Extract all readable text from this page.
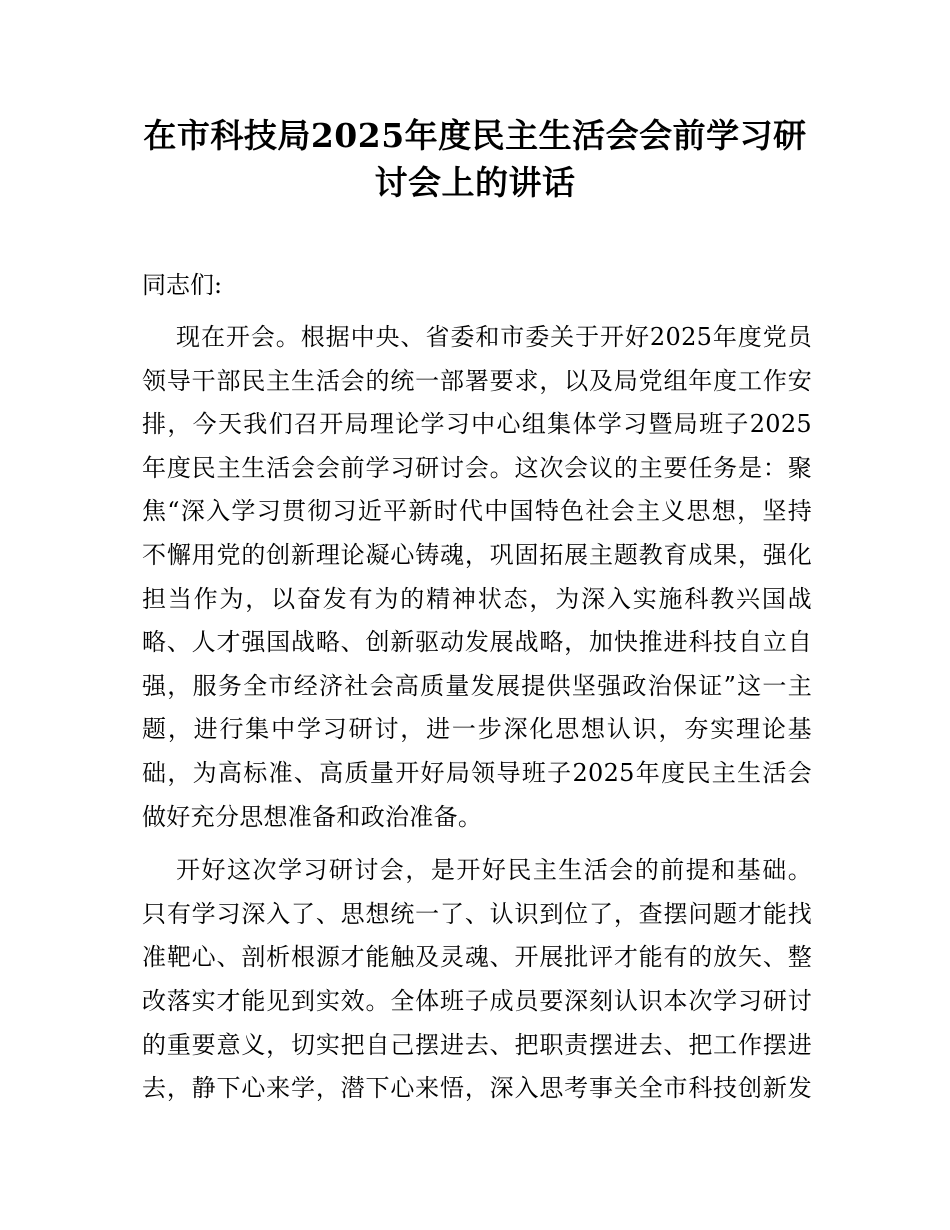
在市科技局2025年度民主生活会会前学习研
讨会上的讲话
同志们:
现在开会。根据中央、省委和市委关于开好2025年度党员
领导干部民主生活会的统一部署要求，以及局党组年度工作安
排，今天我们召开局理论学习中心组集体学习暨局班子2025
年度民主生活会会前学习研讨会。这次会议的主要任务是：聚
焦“深入学习贯彻习近平新时代中国特色社会主义思想，坚持
不懈用党的创新理论凝心铸魂，巩固拓展主题教育成果，强化
担当作为，以奋发有为的精神状态，为深入实施科教兴国战
略、人才强国战略、创新驱动发展战略，加快推进科技自立自
强，服务全市经济社会高质量发展提供坚强政治保证”这一主
题，进行集中学习研讨，进一步深化思想认识，夯实理论基
础，为高标准、高质量开好局领导班子2025年度民主生活会
做好充分思想准备和政治准备。
开好这次学习研讨会，是开好民主生活会的前提和基础。
只有学习深入了、思想统一了、认识到位了，查摆问题才能找
准靶心、剖析根源才能触及灵魂、开展批评才能有的放矢、整
改落实才能见到实效。全体班子成员要深刻认识本次学习研讨
的重要意义，切实把自己摆进去、把职责摆进去、把工作摆进
去，静下心来学，潜下心来悟，深入思考事关全市科技创新发
